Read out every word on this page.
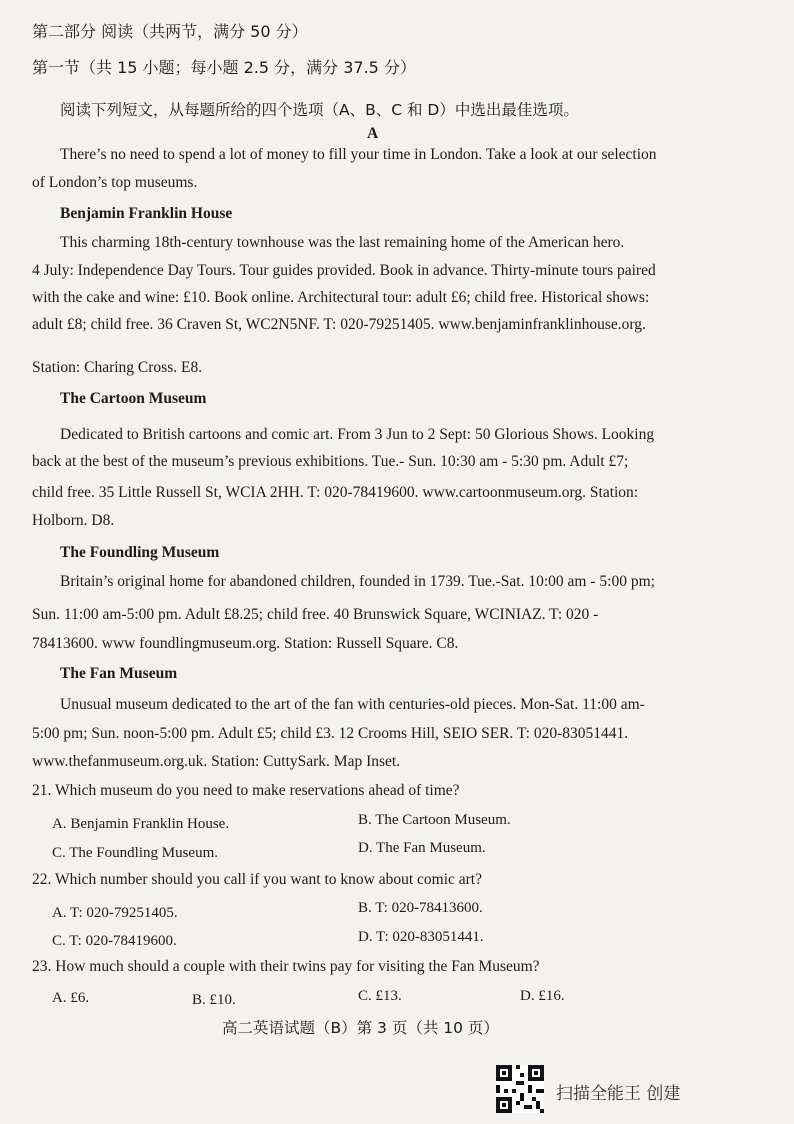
第二部分 阅读（共两节，满分 50 分）
第一节（共 15 小题；每小题 2.5 分，满分 37.5 分）
阅读下列短文，从每题所给的四个选项（A、B、C 和 D）中选出最佳选项。
A
There’s no need to spend a lot of money to fill your time in London. Take a look at our selection
of London’s top museums.
Benjamin Franklin House
This charming 18th-century townhouse was the last remaining home of the American hero.
4 July: Independence Day Tours. Tour guides provided. Book in advance. Thirty-minute tours paired
with the cake and wine: £10. Book online. Architectural tour: adult £6; child free. Historical shows:
adult £8; child free. 36 Craven St, WC2N5NF. T: 020-79251405. www.benjaminfranklinhouse.org.
Station: Charing Cross. E8.
The Cartoon Museum
Dedicated to British cartoons and comic art. From 3 Jun to 2 Sept: 50 Glorious Shows. Looking
back at the best of the museum’s previous exhibitions. Tue.- Sun. 10:30 am - 5:30 pm. Adult £7;
child free. 35 Little Russell St, WCIA 2HH. T: 020-78419600. www.cartoonmuseum.org. Station:
Holborn. D8.
The Foundling Museum
Britain’s original home for abandoned children, founded in 1739. Tue.-Sat. 10:00 am - 5:00 pm;
Sun. 11:00 am-5:00 pm. Adult £8.25; child free. 40 Brunswick Square, WCINIAZ. T: 020 -
78413600. www foundlingmuseum.org. Station: Russell Square. C8.
The Fan Museum
Unusual museum dedicated to the art of the fan with centuries-old pieces. Mon-Sat. 11:00 am-
5:00 pm; Sun. noon-5:00 pm. Adult £5; child £3. 12 Crooms Hill, SEIO SER. T: 020-83051441.
www.thefanmuseum.org.uk. Station: CuttySark. Map Inset.
21. Which museum do you need to make reservations ahead of time?
A. Benjamin Franklin House.	B. The Cartoon Museum.
C. The Foundling Museum.	D. The Fan Museum.
22. Which number should you call if you want to know about comic art?
A. T: 020-79251405.	B. T: 020-78413600.
C. T: 020-78419600.	D. T: 020-83051441.
23. How much should a couple with their twins pay for visiting the Fan Museum?
A. £6.	B. £10.	C. £13.	D. £16.
高二英语试题（B）第 3 页（共 10 页）
扫描全能王 创建
